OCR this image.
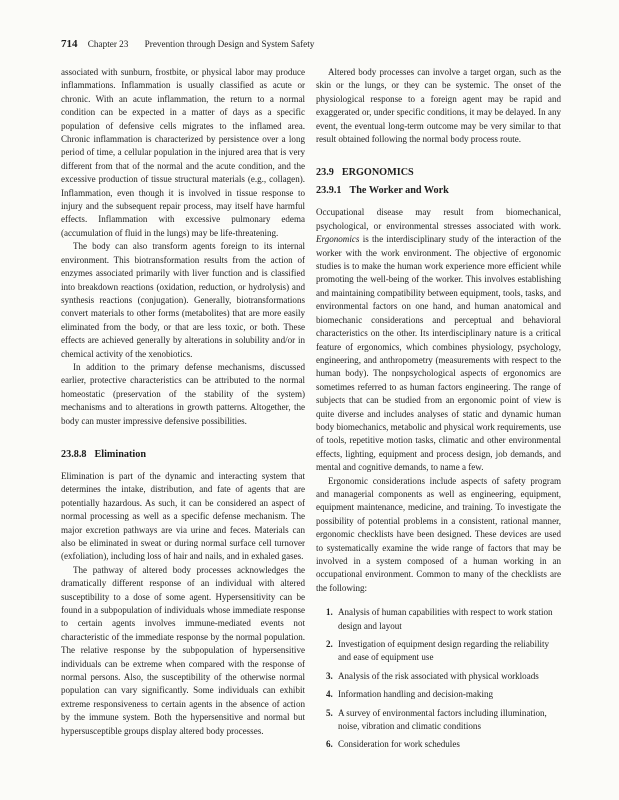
714 Chapter 23 Prevention through Design and System Safety

associated with sunburn, frostbite, or physical labor may produce inflammations. Inflammation is usually classified as acute or chronic. With an acute inflammation, the return to a normal condition can be expected in a matter of days as a specific population of defensive cells migrates to the inflamed area. Chronic inflammation is characterized by persistence over a long period of time, a cellular population in the injured area that is very different from that of the normal and the acute condition, and the excessive production of tissue structural materials (e.g., collagen). Inflammation, even though it is involved in tissue response to injury and the subsequent repair process, may itself have harmful effects. Inflammation with excessive pulmonary edema (accumulation of fluid in the lungs) may be life-threatening.

The body can also transform agents foreign to its internal environment. This biotransformation results from the action of enzymes associated primarily with liver function and is classified into breakdown reactions (oxidation, reduction, or hydrolysis) and synthesis reactions (conjugation). Generally, biotransformations convert materials to other forms (metabolites) that are more easily eliminated from the body, or that are less toxic, or both. These effects are achieved generally by alterations in solubility and/or in chemical activity of the xenobiotics.

In addition to the primary defense mechanisms, discussed earlier, protective characteristics can be attributed to the normal homeostatic (preservation of the stability of the system) mechanisms and to alterations in growth patterns. Altogether, the body can muster impressive defensive possibilities.

23.8.8 Elimination

Elimination is part of the dynamic and interacting system that determines the intake, distribution, and fate of agents that are potentially hazardous. As such, it can be considered an aspect of normal processing as well as a specific defense mechanism. The major excretion pathways are via urine and feces. Materials can also be eliminated in sweat or during normal surface cell turnover (exfoliation), including loss of hair and nails, and in exhaled gases.

The pathway of altered body processes acknowledges the dramatically different response of an individual with altered susceptibility to a dose of some agent. Hypersensitivity can be found in a subpopulation of individuals whose immediate response to certain agents involves immune-mediated events not characteristic of the immediate response by the normal population. The relative response by the subpopulation of hypersensitive individuals can be extreme when compared with the response of normal persons. Also, the susceptibility of the otherwise normal population can vary significantly. Some individuals can exhibit extreme responsiveness to certain agents in the absence of action by the immune system. Both the hypersensitive and normal but hypersusceptible groups display altered body processes.

Altered body processes can involve a target organ, such as the skin or the lungs, or they can be systemic. The onset of the physiological response to a foreign agent may be rapid and exaggerated or, under specific conditions, it may be delayed. In any event, the eventual long-term outcome may be very similar to that result obtained following the normal body process route.

23.9 ERGONOMICS
23.9.1 The Worker and Work

Occupational disease may result from biomechanical, psychological, or environmental stresses associated with work. Ergonomics is the interdisciplinary study of the interaction of the worker with the work environment. The objective of ergonomic studies is to make the human work experience more efficient while promoting the well-being of the worker. This involves establishing and maintaining compatibility between equipment, tools, tasks, and environmental factors on one hand, and human anatomical and biomechanic considerations and perceptual and behavioral characteristics on the other. Its interdisciplinary nature is a critical feature of ergonomics, which combines physiology, psychology, engineering, and anthropometry (measurements with respect to the human body). The nonpsychological aspects of ergonomics are sometimes referred to as human factors engineering. The range of subjects that can be studied from an ergonomic point of view is quite diverse and includes analyses of static and dynamic human body biomechanics, metabolic and physical work requirements, use of tools, repetitive motion tasks, climatic and other environmental effects, lighting, equipment and process design, job demands, and mental and cognitive demands, to name a few.

Ergonomic considerations include aspects of safety program and managerial components as well as engineering, equipment, equipment maintenance, medicine, and training. To investigate the possibility of potential problems in a consistent, rational manner, ergonomic checklists have been designed. These devices are used to systematically examine the wide range of factors that may be involved in a system composed of a human working in an occupational environment. Common to many of the checklists are the following:

1. Analysis of human capabilities with respect to work station design and layout
2. Investigation of equipment design regarding the reliability and ease of equipment use
3. Analysis of the risk associated with physical workloads
4. Information handling and decision-making
5. A survey of environmental factors including illumination, noise, vibration and climatic conditions
6. Consideration for work schedules
